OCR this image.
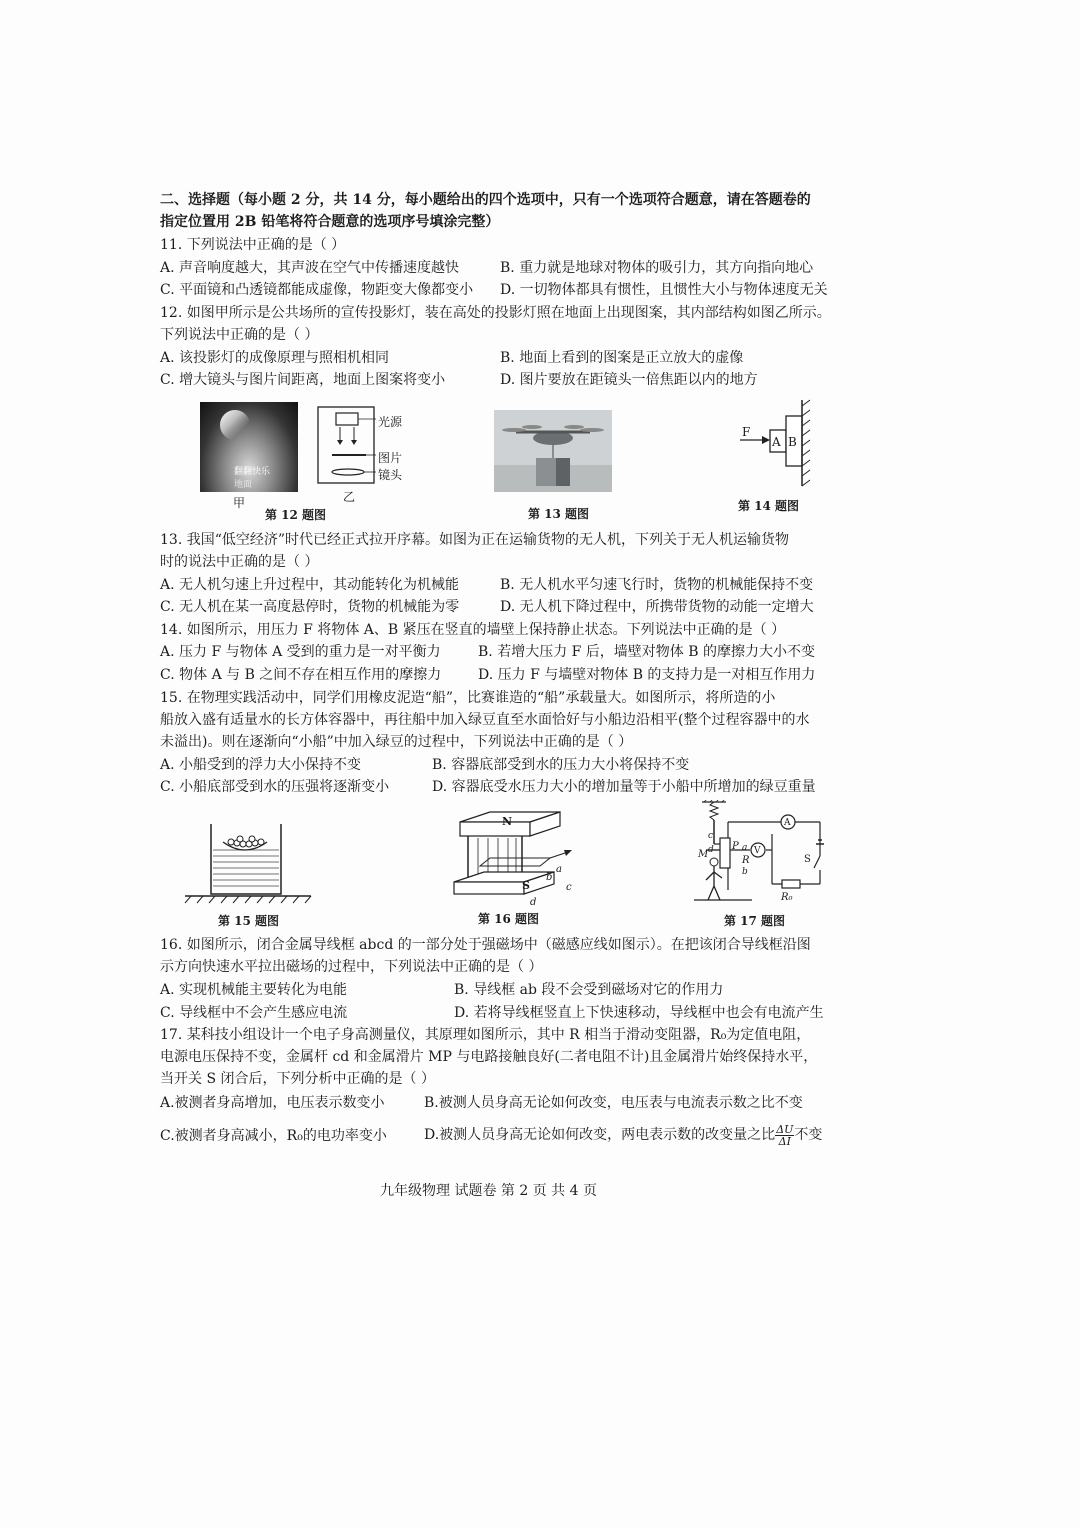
二、选择题（每小题 2 分，共 14 分，每小题给出的四个选项中，只有一个选项符合题意，请在答题卷的
指定位置用 2B 铅笔将符合题意的选项序号填涂完整）
11. 下列说法中正确的是（ ）
A. 声音响度越大，其声波在空气中传播速度越快	B. 重力就是地球对物体的吸引力，其方向指向地心
C. 平面镜和凸透镜都能成虚像，物距变大像都变小 D. 一切物体都具有惯性，且惯性大小与物体速度无关
12. 如图甲所示是公共场所的宣传投影灯，装在高处的投影灯照在地面上出现图案，其内部结构如图乙所示。
下列说法中正确的是（ ）
A. 该投影灯的成像原理与照相机相同	B. 地面上看到的图案是正立放大的虚像
C. 增大镜头与图片间距离，地面上图案将变小	D. 图片要放在距镜头一倍焦距以内的地方
翻翻快乐
地面
甲
光源
图片
镜头
乙
第 12 题图	第 13 题图
F
A B
第 14 题图
13. 我国“低空经济”时代已经正式拉开序幕。如图为正在运输货物的无人机，下列关于无人机运输货物
时的说法中正确的是（ ）
A. 无人机匀速上升过程中，其动能转化为机械能	B. 无人机水平匀速飞行时，货物的机械能保持不变
C. 无人机在某一高度悬停时，货物的机械能为零	D. 无人机下降过程中，所携带货物的动能一定增大
14. 如图所示，用压力 F 将物体 A、B 紧压在竖直的墙壁上保持静止状态。下列说法中正确的是（ ）
A. 压力 F 与物体 A 受到的重力是一对平衡力	B. 若增大压力 F 后，墙壁对物体 B 的摩擦力大小不变
C. 物体 A 与 B 之间不存在相互作用的摩擦力	D. 压力 F 与墙壁对物体 B 的支持力是一对相互作用力
15. 在物理实践活动中，同学们用橡皮泥造“船”，比赛谁造的“船”承载量大。如图所示，将所造的小
船放入盛有适量水的长方体容器中，再往船中加入绿豆直至水面恰好与小船边沿相平(整个过程容器中的水
未溢出)。则在逐渐向“小船”中加入绿豆的过程中，下列说法中正确的是（ ）
A. 小船受到的浮力大小保持不变	B. 容器底部受到水的压力大小将保持不变
C. 小船底部受到水的压强将逐渐变小	D. 容器底受水压力大小的增加量等于小船中所增加的绿豆重量
第 15 题图
N
S
a
b
c
d
第 16 题图
M
P
R
a
b
c
d
A
V
S
R₀
第 17 题图
16. 如图所示，闭合金属导线框 abcd 的一部分处于强磁场中（磁感应线如图示）。在把该闭合导线框沿图
示方向快速水平拉出磁场的过程中，下列说法中正确的是（ ）
A. 实现机械能主要转化为电能	B. 导线框 ab 段不会受到磁场对它的作用力
C. 导线框中不会产生感应电流	D. 若将导线框竖直上下快速移动，导线框中也会有电流产生
17. 某科技小组设计一个电子身高测量仪，其原理如图所示，其中 R 相当于滑动变阻器，R₀为定值电阻，
电源电压保持不变，金属杆 cd 和金属滑片 MP 与电路接触良好(二者电阻不计)且金属滑片始终保持水平，
当开关 S 闭合后，下列分析中正确的是（ ）
A.被测者身高增加，电压表示数变小	B.被测人员身高无论如何改变，电压表与电流表示数之比不变
C.被测者身高减小，R₀的电功率变小	D.被测人员身高无论如何改变，两电表示数的改变量之比 $\frac{\Delta U}{\Delta I}$ 不变
九年级物理 试题卷 第 2 页 共 4 页
